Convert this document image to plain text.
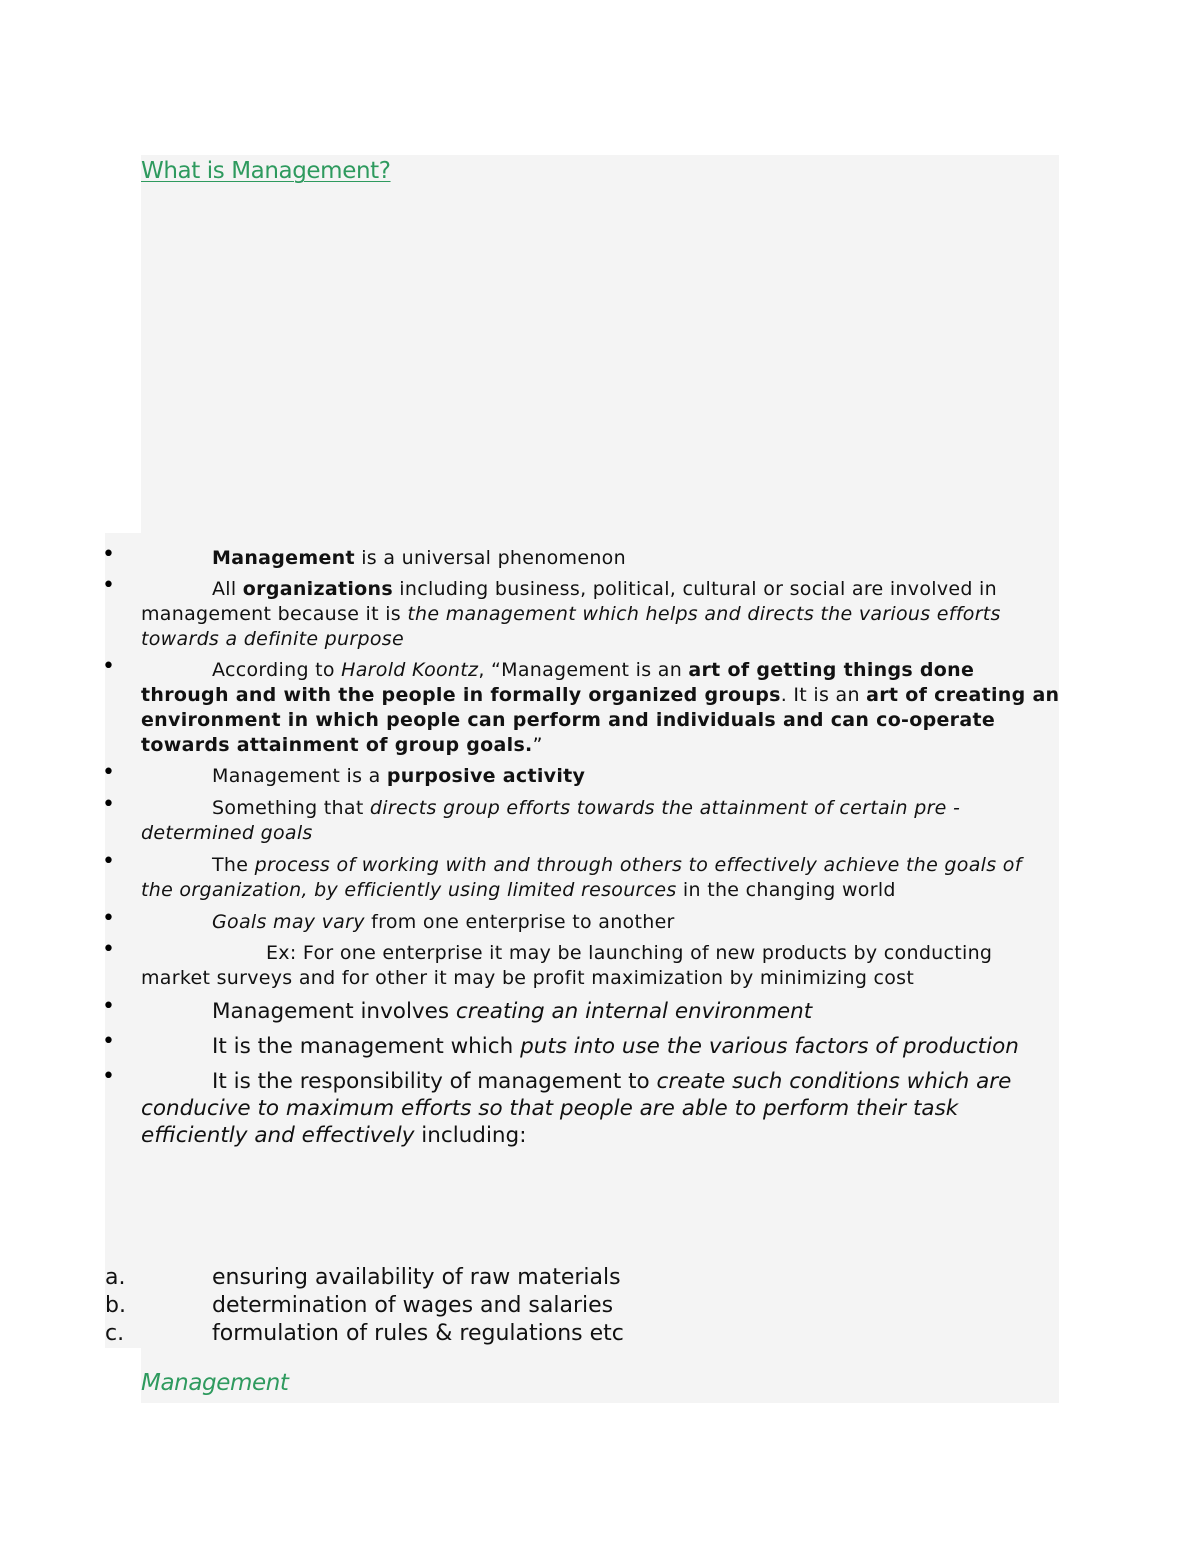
What is Management?

• Management is a universal phenomenon

• All organizations including business, political, cultural or social are involved in management because it is the management which helps and directs the various efforts towards a definite purpose

• According to Harold Koontz, “Management is an art of getting things done through and with the people in formally organized groups. It is an art of creating an environment in which people can perform and individuals and can co-operate towards attainment of group goals.”

• Management is a purposive activity

• Something that directs group efforts towards the attainment of certain pre - determined goals

• The process of working with and through others to effectively achieve the goals of the organization, by efficiently using limited resources in the changing world

• Goals may vary from one enterprise to another

• Ex: For one enterprise it may be launching of new products by conducting market surveys and for other it may be profit maximization by minimizing cost

• Management involves creating an internal environment

• It is the management which puts into use the various factors of production

• It is the responsibility of management to create such conditions which are conducive to maximum efforts so that people are able to perform their task efficiently and effectively including:

a.	ensuring availability of raw materials
b.	determination of wages and salaries
c.	formulation of rules & regulations etc
Management
